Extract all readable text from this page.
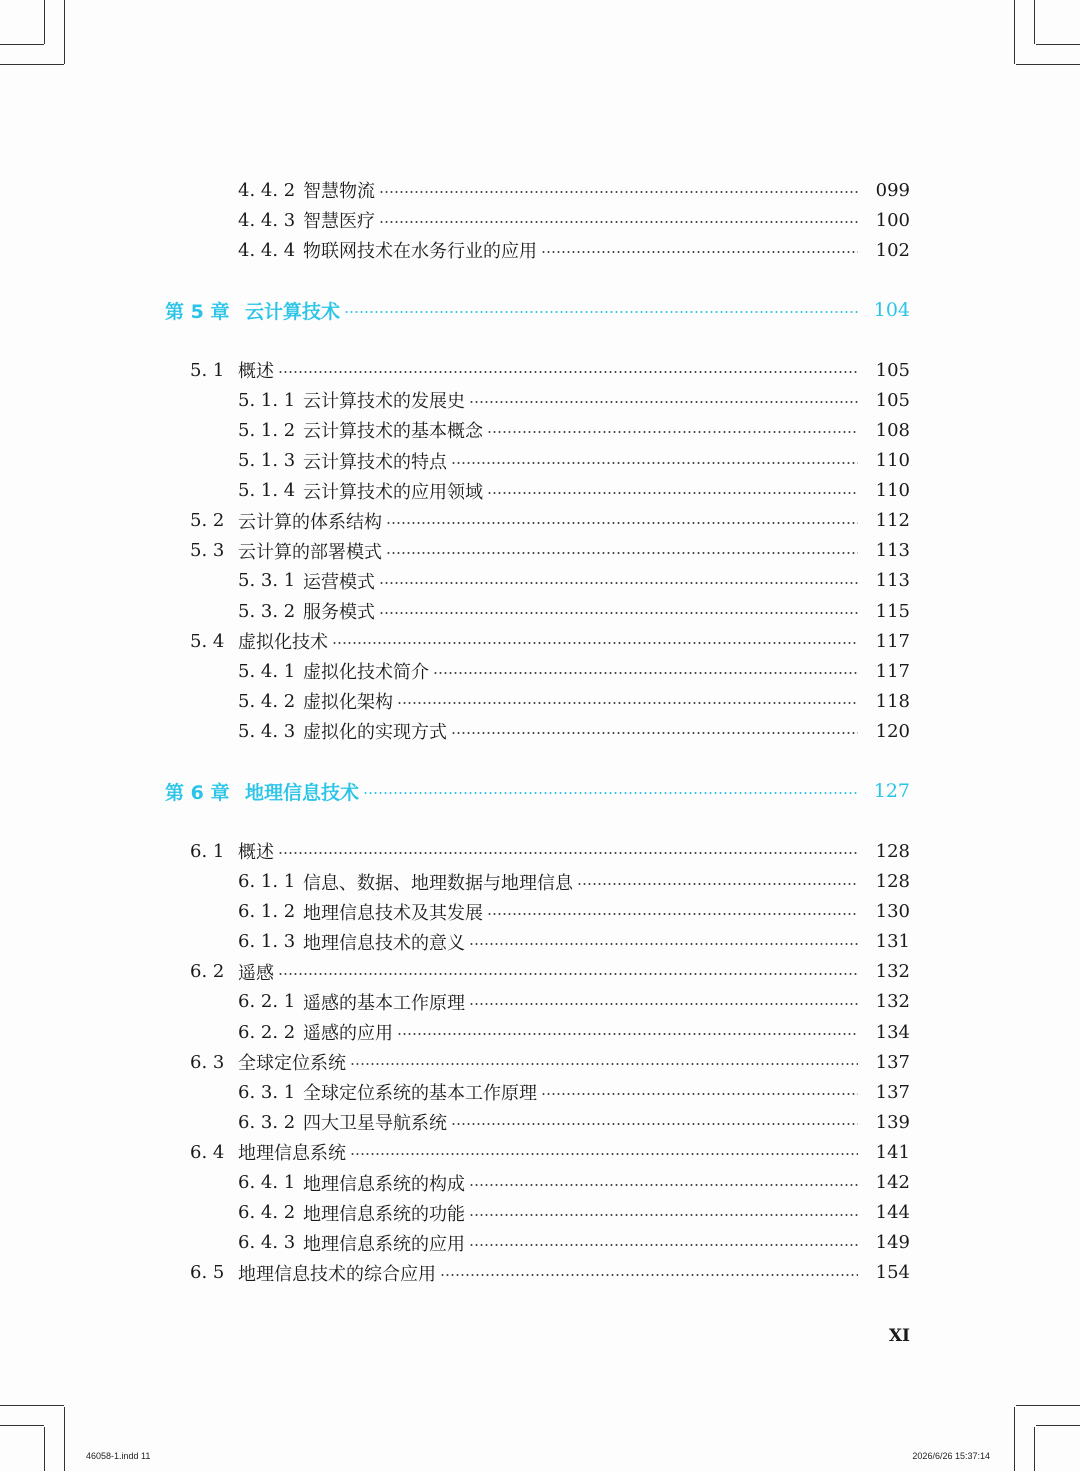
4. 4. 2 智慧物流	099
4. 4. 3 智慧医疗	100
4. 4. 4 物联网技术在水务行业的应用	102
第 5 章 云计算技术	104
5. 1 概述	105
5. 1. 1 云计算技术的发展史	105
5. 1. 2 云计算技术的基本概念	108
5. 1. 3 云计算技术的特点	110
5. 1. 4 云计算技术的应用领域	110
5. 2 云计算的体系结构	112
5. 3 云计算的部署模式	113
5. 3. 1 运营模式	113
5. 3. 2 服务模式	115
5. 4 虚拟化技术	117
5. 4. 1 虚拟化技术简介	117
5. 4. 2 虚拟化架构	118
5. 4. 3 虚拟化的实现方式	120
第 6 章 地理信息技术	127
6. 1 概述	128
6. 1. 1 信息、数据、地理数据与地理信息	128
6. 1. 2 地理信息技术及其发展	130
6. 1. 3 地理信息技术的意义	131
6. 2 遥感	132
6. 2. 1 遥感的基本工作原理	132
6. 2. 2 遥感的应用	134
6. 3 全球定位系统	137
6. 3. 1 全球定位系统的基本工作原理	137
6. 3. 2 四大卫星导航系统	139
6. 4 地理信息系统	141
6. 4. 1 地理信息系统的构成	142
6. 4. 2 地理信息系统的功能	144
6. 4. 3 地理信息系统的应用	149
6. 5 地理信息技术的综合应用	154
XI
46058-1.indd 11	2026/6/26 15:37:14
